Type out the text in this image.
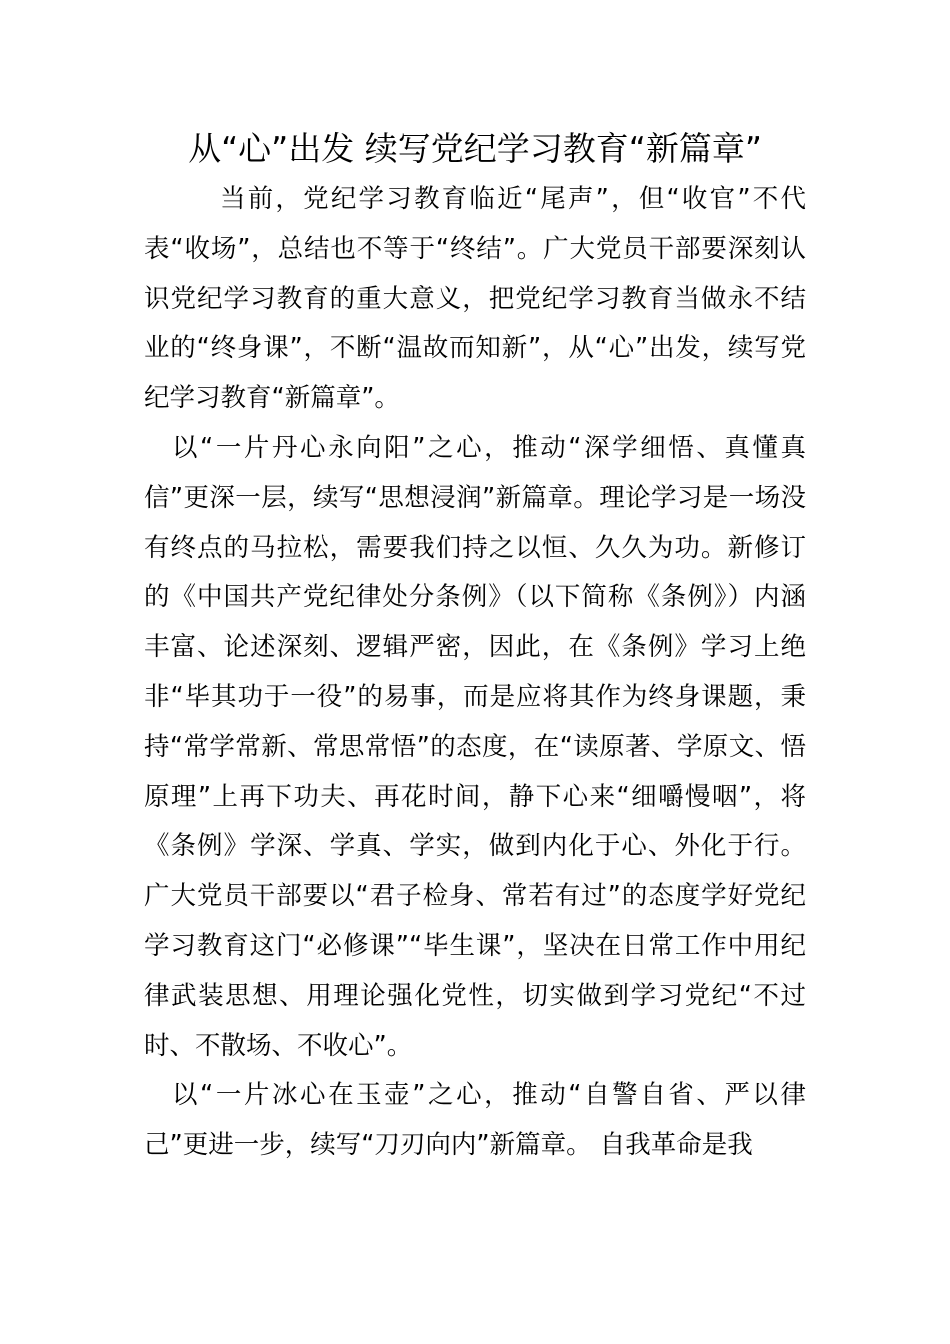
从“心”出发 续写党纪学习教育“新篇章”

当前，党纪学习教育临近“尾声”，但“收官”不代表“收场”，总结也不等于“终结”。广大党员干部要深刻认识党纪学习教育的重大意义，把党纪学习教育当做永不结业的“终身课”，不断“温故而知新”，从“心”出发，续写党纪学习教育“新篇章”。

以“一片丹心永向阳”之心，推动“深学细悟、真懂真信”更深一层，续写“思想浸润”新篇章。理论学习是一场没有终点的马拉松，需要我们持之以恒、久久为功。新修订的《中国共产党纪律处分条例》（以下简称《条例》）内涵丰富、论述深刻、逻辑严密，因此，在《条例》学习上绝非“毕其功于一役”的易事，而是应将其作为终身课题，秉持“常学常新、常思常悟”的态度，在“读原著、学原文、悟原理”上再下功夫、再花时间，静下心来“细嚼慢咽”，将《条例》学深、学真、学实，做到内化于心、外化于行。广大党员干部要以“君子检身、常若有过”的态度学好党纪学习教育这门“必修课”“毕生课”，坚决在日常工作中用纪律武装思想、用理论强化党性，切实做到学习党纪“不过时、不散场、不收心”。

以“一片冰心在玉壶”之心，推动“自警自省、严以律己”更进一步，续写“刀刃向内”新篇章。 自我革命是我
